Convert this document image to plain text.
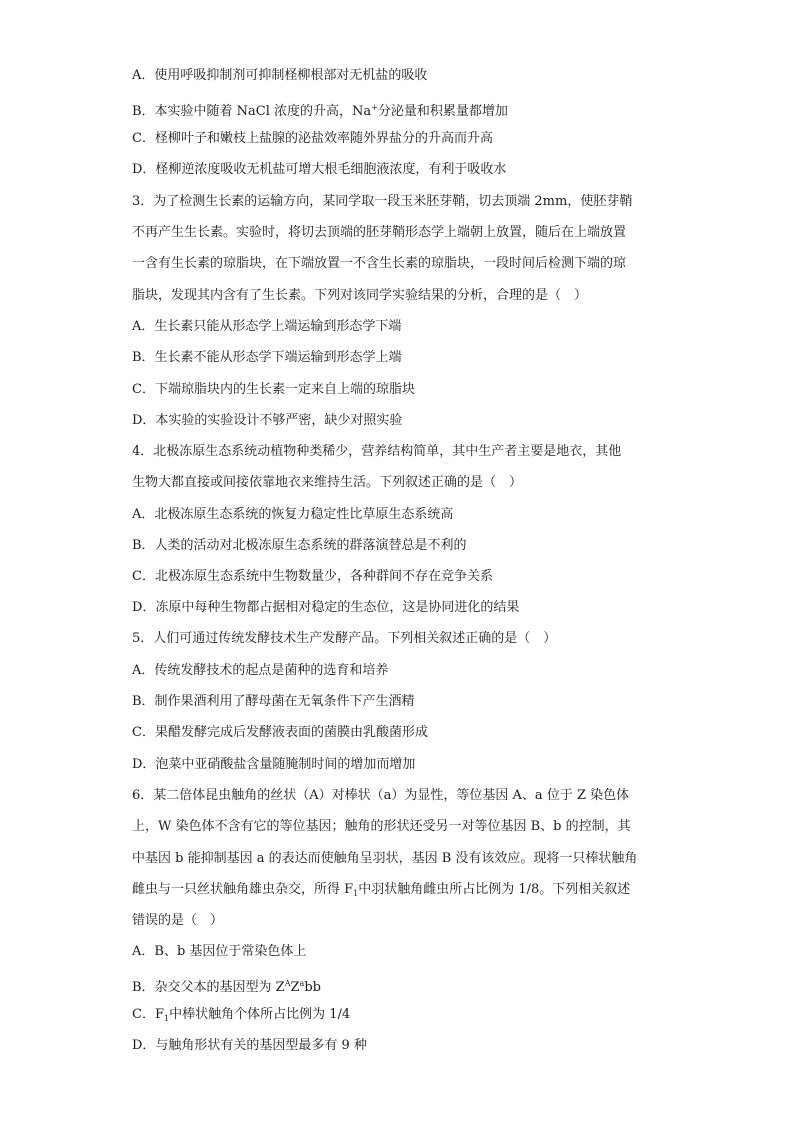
A．使用呼吸抑制剂可抑制柽柳根部对无机盐的吸收
B．本实验中随着 NaCl 浓度的升高，Na+分泌量和积累量都增加
C．柽柳叶子和嫩枝上盐腺的泌盐效率随外界盐分的升高而升高
D．柽柳逆浓度吸收无机盐可增大根毛细胞液浓度，有利于吸收水
3．为了检测生长素的运输方向，某同学取一段玉米胚芽鞘，切去顶端 2mm，使胚芽鞘
不再产生生长素。实验时，将切去顶端的胚芽鞘形态学上端朝上放置，随后在上端放置
一含有生长素的琼脂块，在下端放置一不含生长素的琼脂块，一段时间后检测下端的琼
脂块，发现其内含有了生长素。下列对该同学实验结果的分析，合理的是（　）
A．生长素只能从形态学上端运输到形态学下端
B．生长素不能从形态学下端运输到形态学上端
C．下端琼脂块内的生长素一定来自上端的琼脂块
D．本实验的实验设计不够严密，缺少对照实验
4．北极冻原生态系统动植物种类稀少，营养结构简单，其中生产者主要是地衣，其他
生物大都直接或间接依靠地衣来维持生活。下列叙述正确的是（　）
A．北极冻原生态系统的恢复力稳定性比草原生态系统高
B．人类的活动对北极冻原生态系统的群落演替总是不利的
C．北极冻原生态系统中生物数量少，各种群间不存在竞争关系
D．冻原中每种生物都占据相对稳定的生态位，这是协同进化的结果
5．人们可通过传统发酵技术生产发酵产品。下列相关叙述正确的是（　）
A．传统发酵技术的起点是菌种的选育和培养
B．制作果酒利用了酵母菌在无氧条件下产生酒精
C．果醋发酵完成后发酵液表面的菌膜由乳酸菌形成
D．泡菜中亚硝酸盐含量随腌制时间的增加而增加
6．某二倍体昆虫触角的丝状（A）对棒状（a）为显性，等位基因 A、a 位于 Z 染色体
上，W 染色体不含有它的等位基因；触角的形状还受另一对等位基因 B、b 的控制，其
中基因 b 能抑制基因 a 的表达而使触角呈羽状，基因 B 没有该效应。现将一只棒状触角
雌虫与一只丝状触角雄虫杂交，所得 $F_1$中羽状触角雌虫所占比例为 1/8。下列相关叙述
错误的是（　）
A．B、b 基因位于常染色体上
B．杂交父本的基因型为 $Z^AZ^abb$
C．$F_1$中棒状触角个体所占比例为 1/4
D．与触角形状有关的基因型最多有 9 种
